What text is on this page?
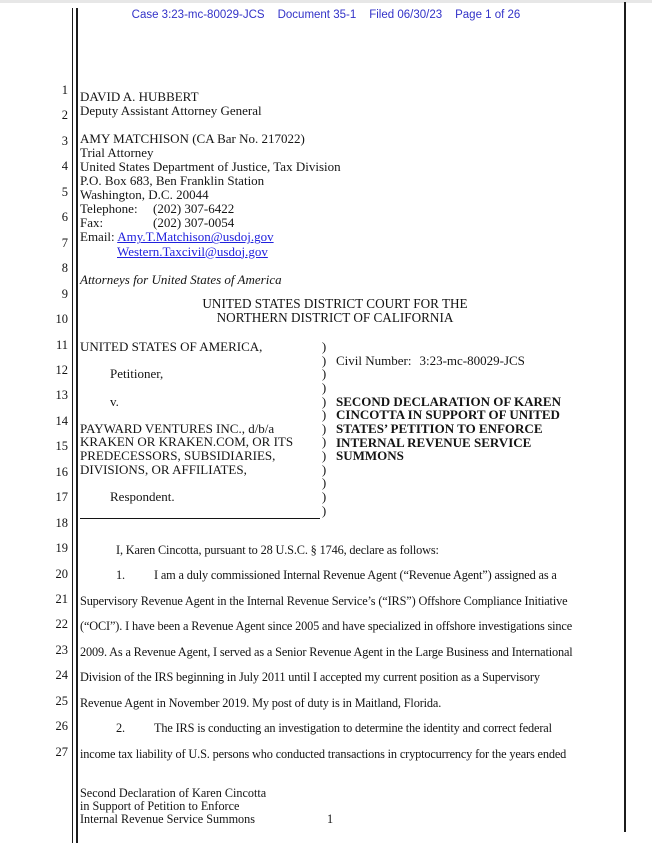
Case 3:23-mc-80029-JCS Document 35-1 Filed 06/30/23 Page 1 of 26
1
2
3
4
5
6
7
8
9
10
11
12
13
14
15
16
17
18
19
20
21
22
23
24
25
26
27
DAVID A. HUBBERT
Deputy Assistant Attorney General

AMY MATCHISON (CA Bar No. 217022)
Trial Attorney
United States Department of Justice, Tax Division
P.O. Box 683, Ben Franklin Station
Washington, D.C. 20044
Telephone: (202) 307-6422
Fax:	(202) 307-0054
Email: Amy.T.Matchison@usdoj.gov
Western.Taxcivil@usdoj.gov

Attorneys for United States of America
UNITED STATES DISTRICT COURT FOR THE
NORTHERN DISTRICT OF CALIFORNIA
UNITED STATES OF AMERICA,

Petitioner,

v.

PAYWARD VENTURES INC., d/b/a
KRAKEN OR KRAKEN.COM, OR ITS
PREDECESSORS, SUBSIDIARIES,
DIVISIONS, OR AFFILIATES,

Respondent.
)
)
)
)
)
)
)
)
)
)
)
)
)
Civil Number: 3:23-mc-80029-JCS
SECOND DECLARATION OF KAREN
CINCOTTA IN SUPPORT OF UNITED
STATES’ PETITION TO ENFORCE
INTERNAL REVENUE SERVICE
SUMMONS
I, Karen Cincotta, pursuant to 28 U.S.C. § 1746, declare as follows:
1. I am a duly commissioned Internal Revenue Agent (“Revenue Agent”) assigned as a
Supervisory Revenue Agent in the Internal Revenue Service’s (“IRS”) Offshore Compliance Initiative
(“OCI”). I have been a Revenue Agent since 2005 and have specialized in offshore investigations since
2009. As a Revenue Agent, I served as a Senior Revenue Agent in the Large Business and International
Division of the IRS beginning in July 2011 until I accepted my current position as a Supervisory
Revenue Agent in November 2019. My post of duty is in Maitland, Florida.
2. The IRS is conducting an investigation to determine the identity and correct federal
income tax liability of U.S. persons who conducted transactions in cryptocurrency for the years ended
Second Declaration of Karen Cincotta
in Support of Petition to Enforce
Internal Revenue Service Summons	1
